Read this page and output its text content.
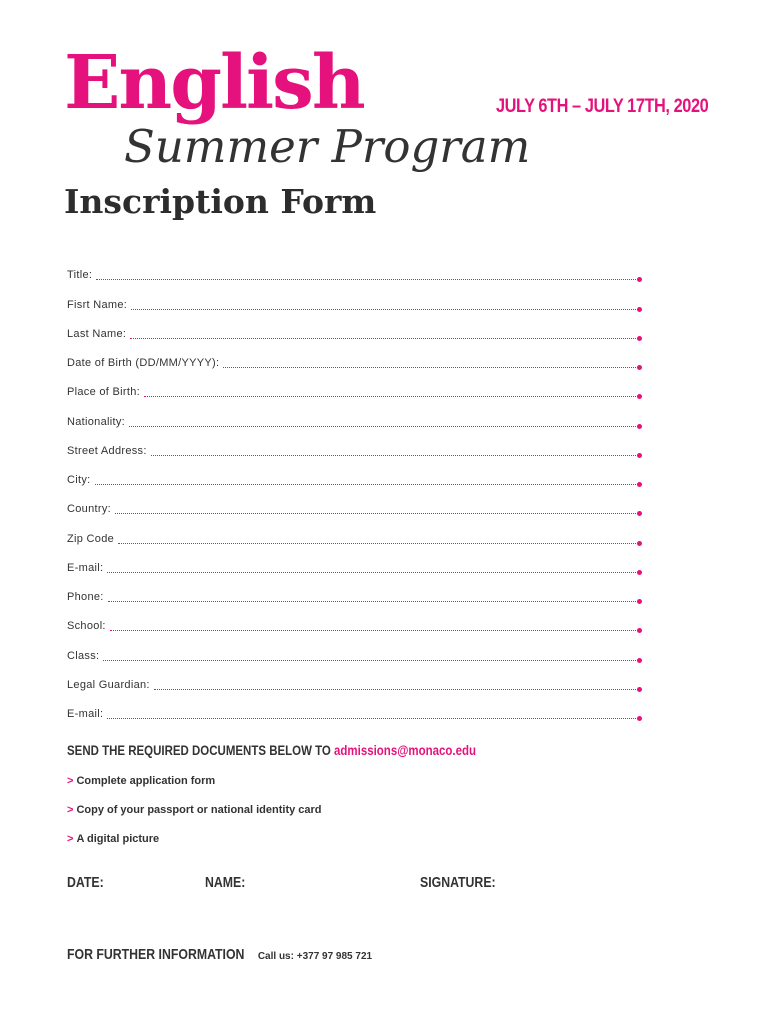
English
Summer Program
JULY 6TH – JULY 17TH, 2020
Inscription Form
Title:
Fisrt Name:
Last Name:
Date of Birth (DD/MM/YYYY):
Place of Birth:
Nationality:
Street Address:
City:
Country:
Zip Code
E-mail:
Phone:
School:
Class:
Legal Guardian:
E-mail:
SEND THE REQUIRED DOCUMENTS BELOW TO admissions@monaco.edu
> Complete application form
> Copy of your passport or national identity card
> A digital picture
DATE:	NAME:	SIGNATURE:
FOR FURTHER INFORMATION Call us: +377 97 985 721
